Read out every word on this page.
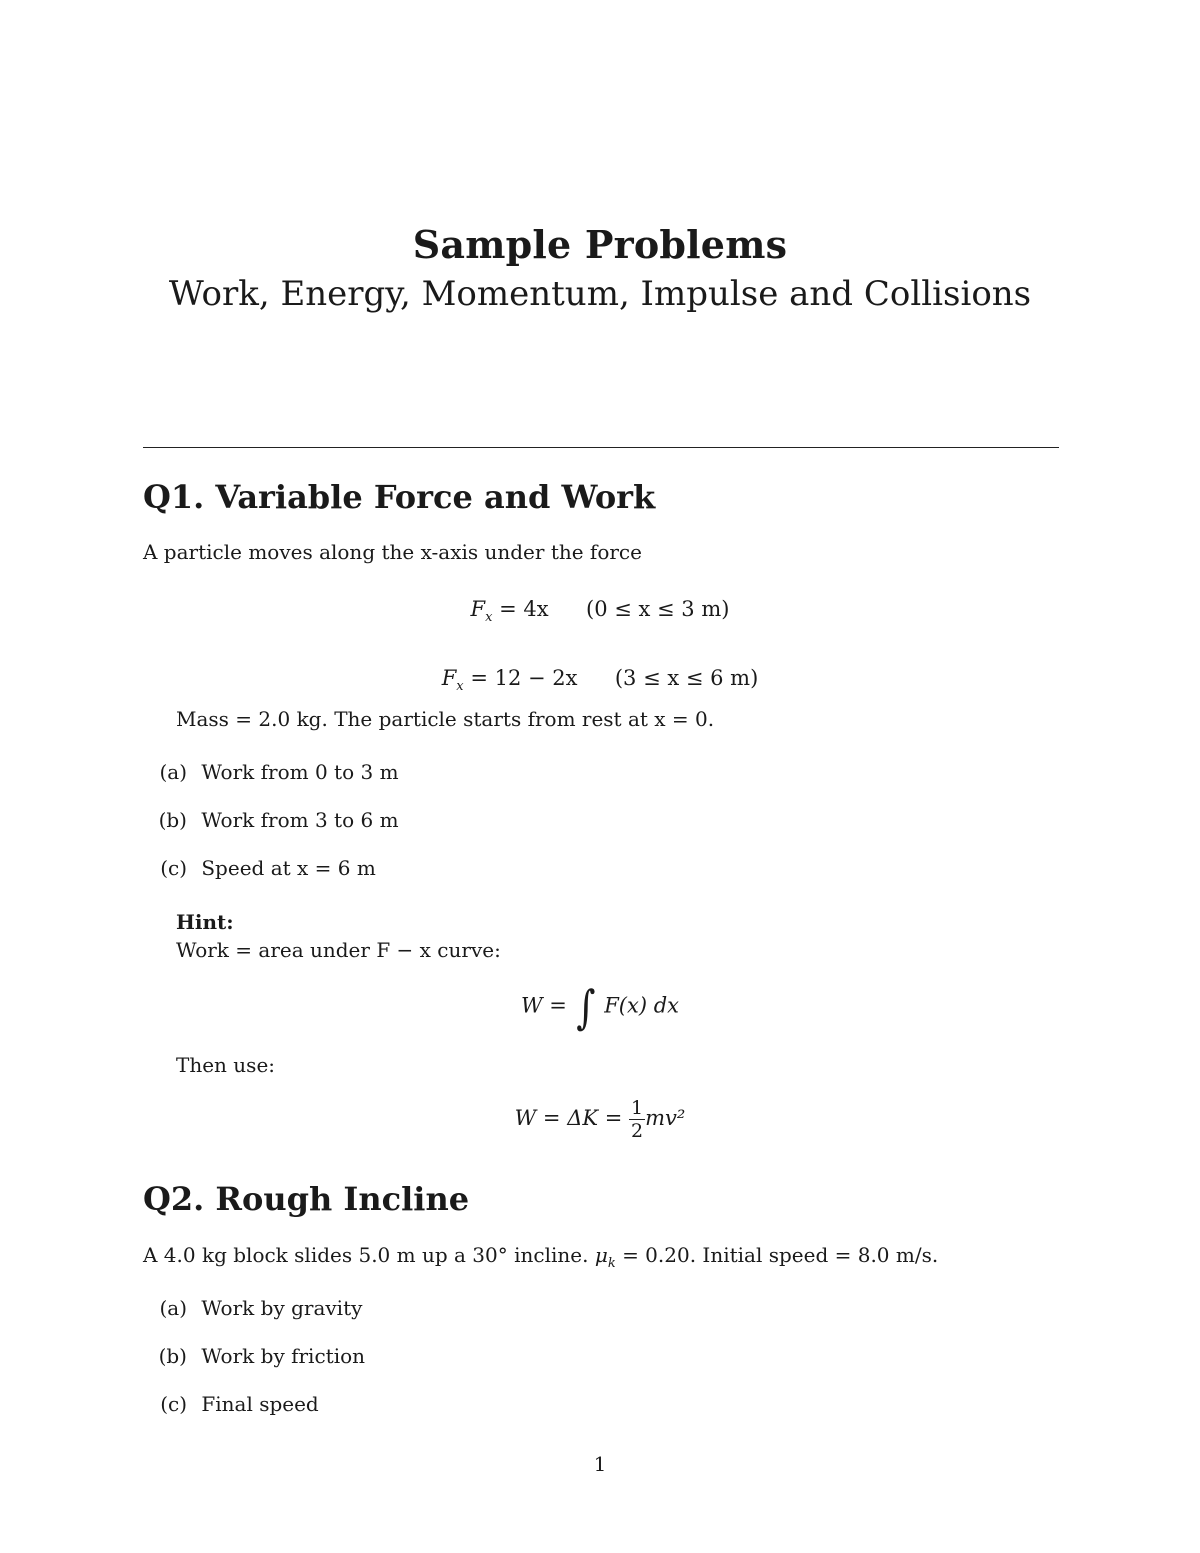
Sample Problems
Work, Energy, Momentum, Impulse and Collisions
Q1. Variable Force and Work
A particle moves along the x-axis under the force
$F_x = 4x$ (0 ≤ x ≤ 3 m)
$F_x = 12 - 2x$ (3 ≤ x ≤ 6 m)
Mass = 2.0 kg. The particle starts from rest at x = 0.
(a) Work from 0 to 3 m
(b) Work from 3 to 6 m
(c) Speed at x = 6 m
Hint:
Work = area under F − x curve:
W = ∫ F(x) dx
Then use:
$W = \Delta K = \frac{1}{2} mv^2$
Q2. Rough Incline
A 4.0 kg block slides 5.0 m up a 30° incline. $\mu_k = 0.20$. Initial speed = 8.0 m/s.
(a) Work by gravity
(b) Work by friction
(c) Final speed
1
